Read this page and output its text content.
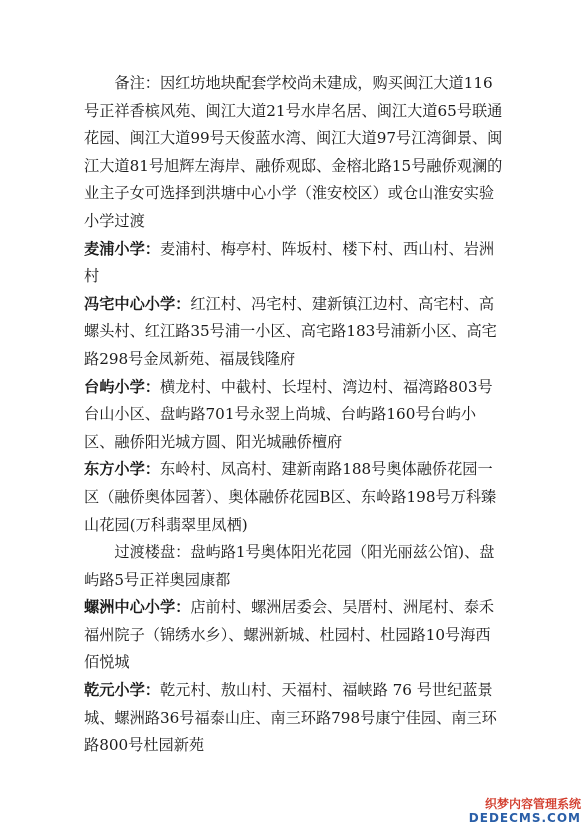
备注：因红坊地块配套学校尚未建成，购买闽江大道116号正祥香槟风苑、闽江大道21号水岸名居、闽江大道65号联通花园、闽江大道99号天俊蓝水湾、闽江大道97号江湾御景、闽江大道81号旭辉左海岸、融侨观邸、金榕北路15号融侨观澜的业主子女可选择到洪塘中心小学（淮安校区）或仓山淮安实验小学过渡

麦浦小学：麦浦村、梅亭村、阵坂村、楼下村、西山村、岩洲村

冯宅中心小学：红江村、冯宅村、建新镇江边村、高宅村、高螺头村、红江路35号浦一小区、高宅路183号浦新小区、高宅路298号金凤新苑、福晟钱隆府

台屿小学：横龙村、中截村、长埕村、湾边村、福湾路803号台山小区、盘屿路701号永翌上尚城、台屿路160号台屿小区、融侨阳光城方圆、阳光城融侨檀府

东方小学：东岭村、凤高村、建新南路188号奥体融侨花园一区（融侨奥体园著）、奥体融侨花园B区、东岭路198号万科臻山花园(万科翡翠里凤栖)

过渡楼盘：盘屿路1号奥体阳光花园（阳光丽兹公馆)、盘屿路5号正祥奥园康都

螺洲中心小学：店前村、螺洲居委会、吴厝村、洲尾村、泰禾福州院子（锦绣水乡）、螺洲新城、杜园村、杜园路10号海西佰悦城

乾元小学：乾元村、敖山村、天福村、福峡路 76 号世纪蓝景城、螺洲路36号福泰山庄、南三环路798号康宁佳园、南三环路800号杜园新苑

织梦内容管理系统
DEDECMS.COM
